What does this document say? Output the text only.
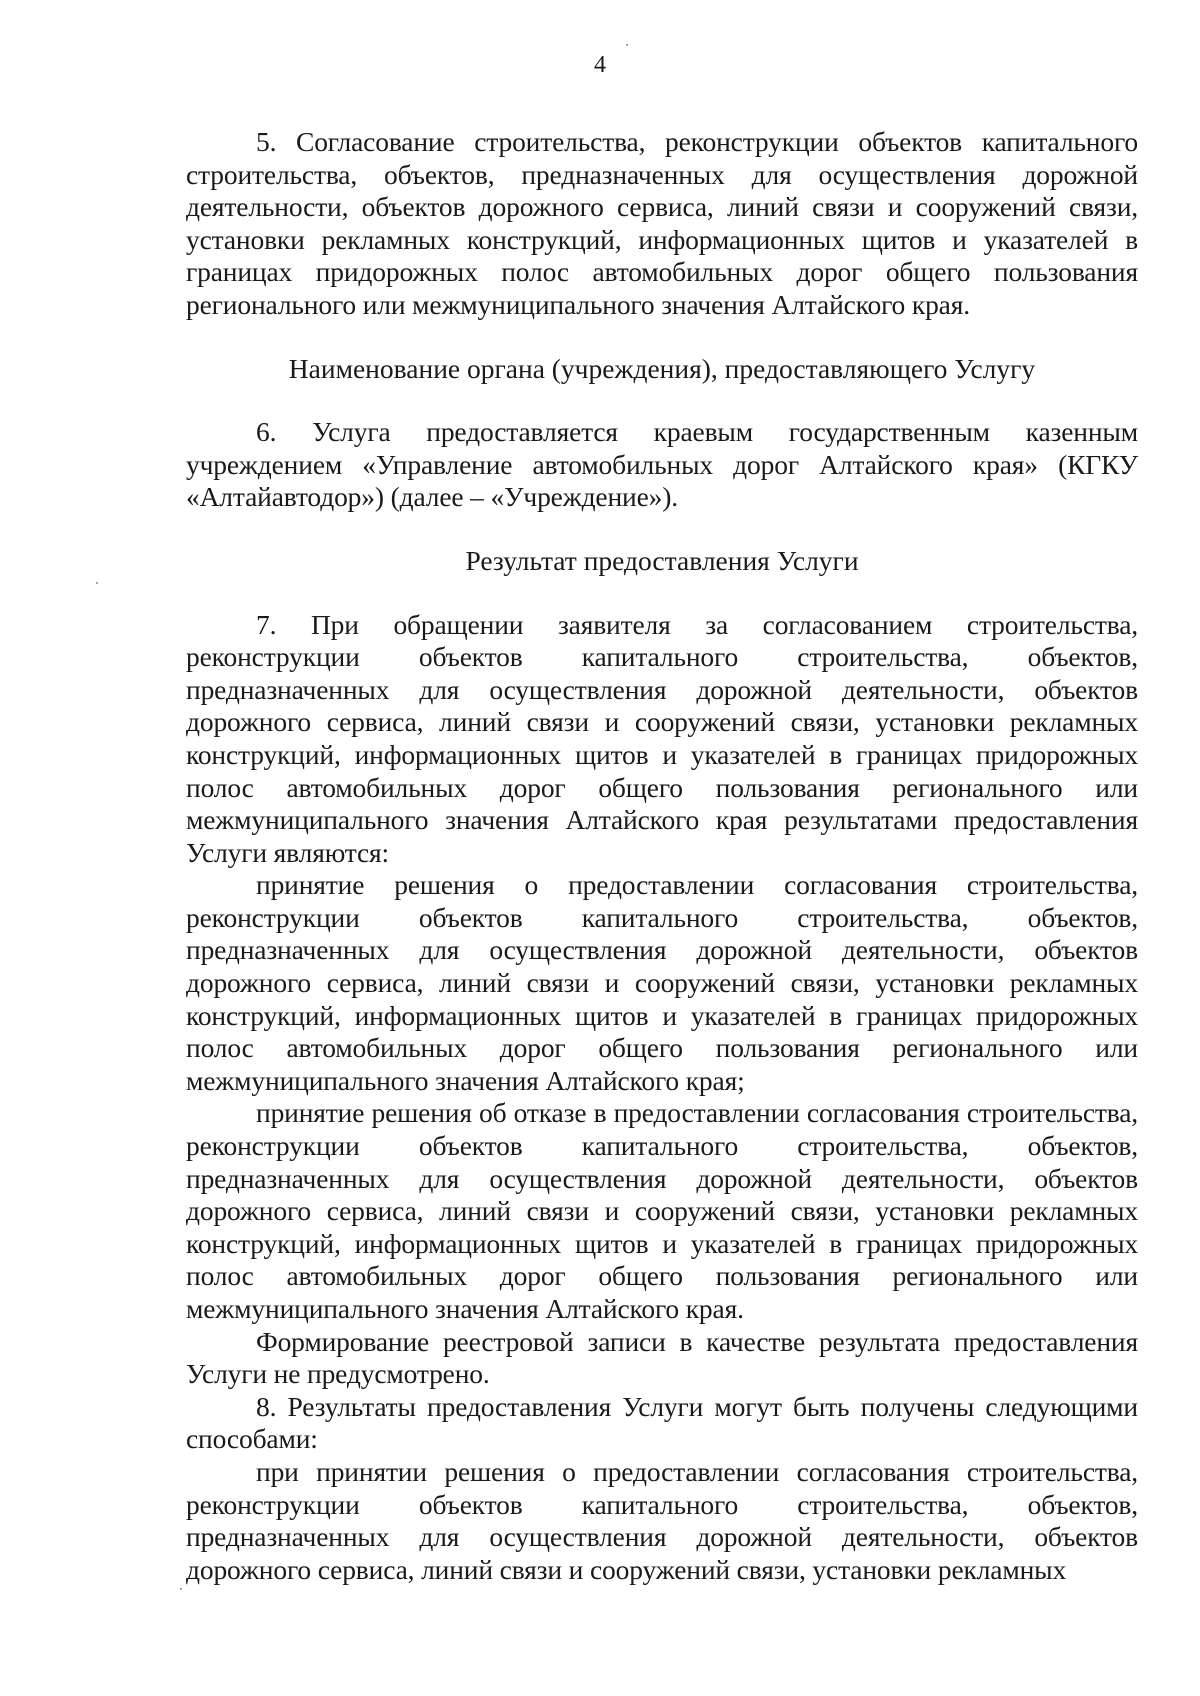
4

5. Согласование строительства, реконструкции объектов капитального строительства, объектов, предназначенных для осуществления дорожной деятельности, объектов дорожного сервиса, линий связи и сооружений связи, установки рекламных конструкций, информационных щитов и указателей в границах придорожных полос автомобильных дорог общего пользования регионального или межмуниципального значения Алтайского края.

Наименование органа (учреждения), предоставляющего Услугу

6. Услуга предоставляется краевым государственным казенным учреждением «Управление автомобильных дорог Алтайского края» (КГКУ «Алтайавтодор») (далее – «Учреждение»).

Результат предоставления Услуги

7. При обращении заявителя за согласованием строительства, реконструкции объектов капитального строительства, объектов, предназначенных для осуществления дорожной деятельности, объектов дорожного сервиса, линий связи и сооружений связи, установки рекламных конструкций, информационных щитов и указателей в границах придорожных полос автомобильных дорог общего пользования регионального или межмуниципального значения Алтайского края результатами предоставления Услуги являются:

принятие решения о предоставлении согласования строительства, реконструкции объектов капитального строительства, объектов, предназначенных для осуществления дорожной деятельности, объектов дорожного сервиса, линий связи и сооружений связи, установки рекламных конструкций, информационных щитов и указателей в границах придорожных полос автомобильных дорог общего пользования регионального или межмуниципального значения Алтайского края;

принятие решения об отказе в предоставлении согласования строительства, реконструкции объектов капитального строительства, объектов, предназначенных для осуществления дорожной деятельности, объектов дорожного сервиса, линий связи и сооружений связи, установки рекламных конструкций, информационных щитов и указателей в границах придорожных полос автомобильных дорог общего пользования регионального или межмуниципального значения Алтайского края.

Формирование реестровой записи в качестве результата предоставления Услуги не предусмотрено.

8. Результаты предоставления Услуги могут быть получены следующими способами:

при принятии решения о предоставлении согласования строительства, реконструкции объектов капитального строительства, объектов, предназначенных для осуществления дорожной деятельности, объектов дорожного сервиса, линий связи и сооружений связи, установки рекламных
